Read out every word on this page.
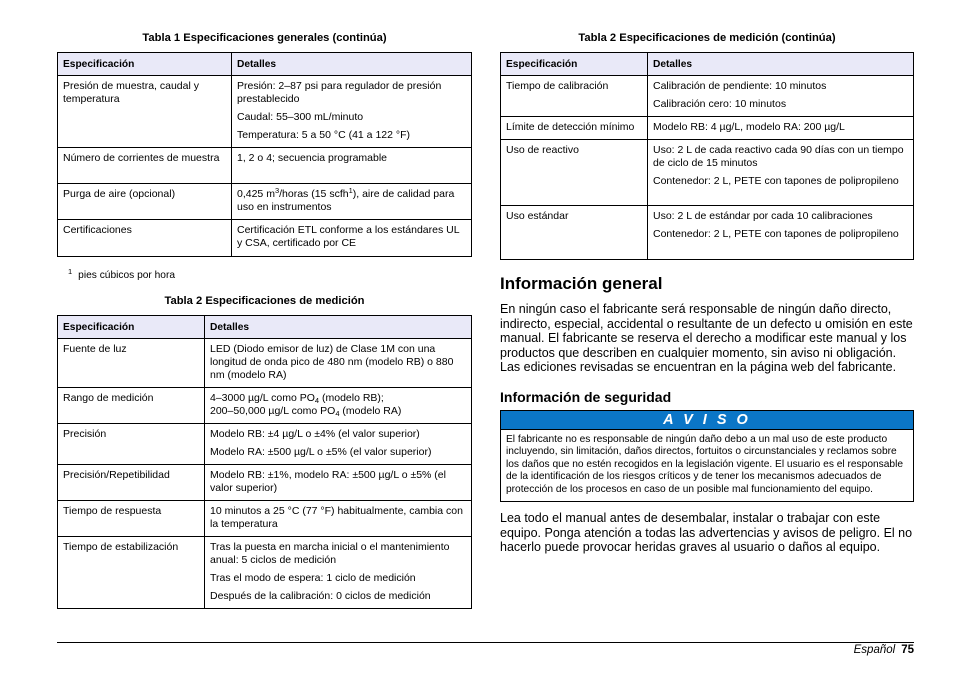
Tabla 1 Especificaciones generales (continúa)
Especificación	Detalles
Presión de muestra, caudal y temperatura	Presión: 2–87 psi para regulador de presión prestablecido

Caudal: 55–300 mL/minuto

Temperatura: 5 a 50 °C (41 a 122 °F)

Número de corrientes de muestra	1, 2 o 4; secuencia programable

Purga de aire (opcional)	0,425 $m^3$/horas (15 scfh$^1$), aire de calidad para uso en instrumentos
Certificaciones	Certificación ETL conforme a los estándares UL y CSA, certificado por CE

$^1$ pies cúbicos por hora
Tabla 2 Especificaciones de medición
Especificación	Detalles
Fuente de luz	LED (Diodo emisor de luz) de Clase 1M con una longitud de onda pico de 480 nm (modelo RB) o 880 nm (modelo RA)

Rango de medición	4–3000 µg/L como $PO_4$ (modelo RB);

200–50,000 µg/L como $PO_4$ (modelo RA)

Precisión	Modelo RB: ±4 µg/L o ±4% (el valor superior)

Modelo RA: ±500 µg/L o ±5% (el valor superior)

Precisión/Repetibilidad	Modelo RB: ±1%, modelo RA: ±500 µg/L o ±5% (el valor superior)

Tiempo de respuesta	10 minutos a 25 °C (77 °F) habitualmente, cambia con la temperatura

Tiempo de estabilización	Tras la puesta en marcha inicial o el mantenimiento anual: 5 ciclos de medición

Tras el modo de espera: 1 ciclo de medición

Después de la calibración: 0 ciclos de medición

Tabla 2 Especificaciones de medición (continúa)
Especificación	Detalles
Tiempo de calibración	Calibración de pendiente: 10 minutos

Calibración cero: 10 minutos

Límite de detección mínimo	Modelo RB: 4 µg/L, modelo RA: 200 µg/L
Uso de reactivo	Uso: 2 L de cada reactivo cada 90 días con un tiempo de ciclo de 15 minutos

Contenedor: 2 L, PETE con tapones de polipropileno

Uso estándar	Uso: 2 L de estándar por cada 10 calibraciones

Contenedor: 2 L, PETE con tapones de polipropileno

Información general

En ningún caso el fabricante será responsable de ningún daño directo, indirecto, especial, accidental o resultante de un defecto u omisión en este manual. El fabricante se reserva el derecho a modificar este manual y los productos que describen en cualquier momento, sin aviso ni obligación. Las ediciones revisadas se encuentran en la página web del fabricante.

Información de seguridad
A V I S O
El fabricante no es responsable de ningún daño debo a un mal uso de este producto incluyendo, sin limitación, daños directos, fortuitos o circunstanciales y reclamos sobre los daños que no estén recogidos en la legislación vigente. El usuario es el responsable de la identificación de los riesgos críticos y de tener los mecanismos adecuados de protección de los procesos en caso de un posible mal funcionamiento del equipo.

Lea todo el manual antes de desembalar, instalar o trabajar con este equipo. Ponga atención a todas las advertencias y avisos de peligro. El no hacerlo puede provocar heridas graves al usuario o daños al equipo.

Español 75
